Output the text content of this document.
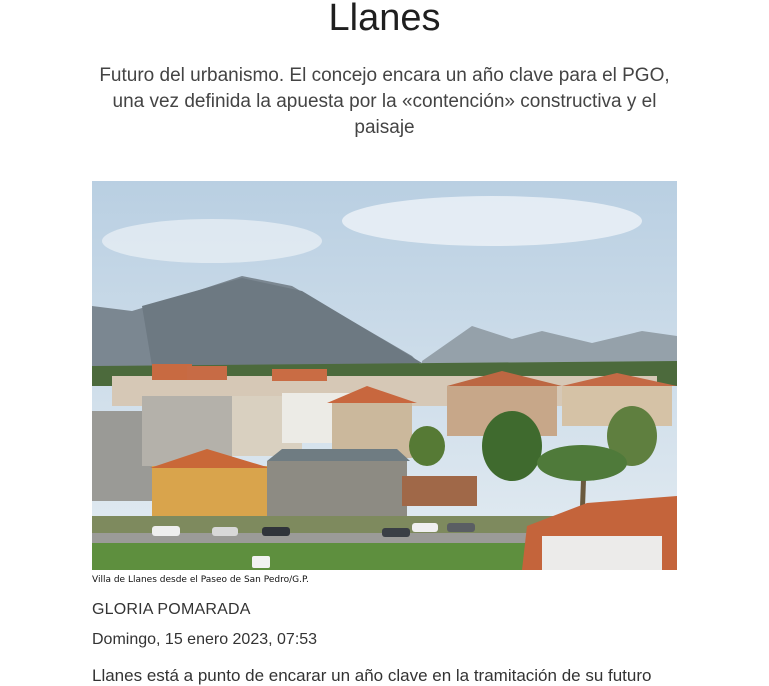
Llanes
Futuro del urbanismo. El concejo encara un año clave para el PGO, una vez definida la apuesta por la «contención» constructiva y el paisaje
Villa de Llanes desde el Paseo de San Pedro/G.P.
GLORIA POMARADA
Domingo, 15 enero 2023, 07:53
Llanes está a punto de encarar un año clave en la tramitación de su futuro
